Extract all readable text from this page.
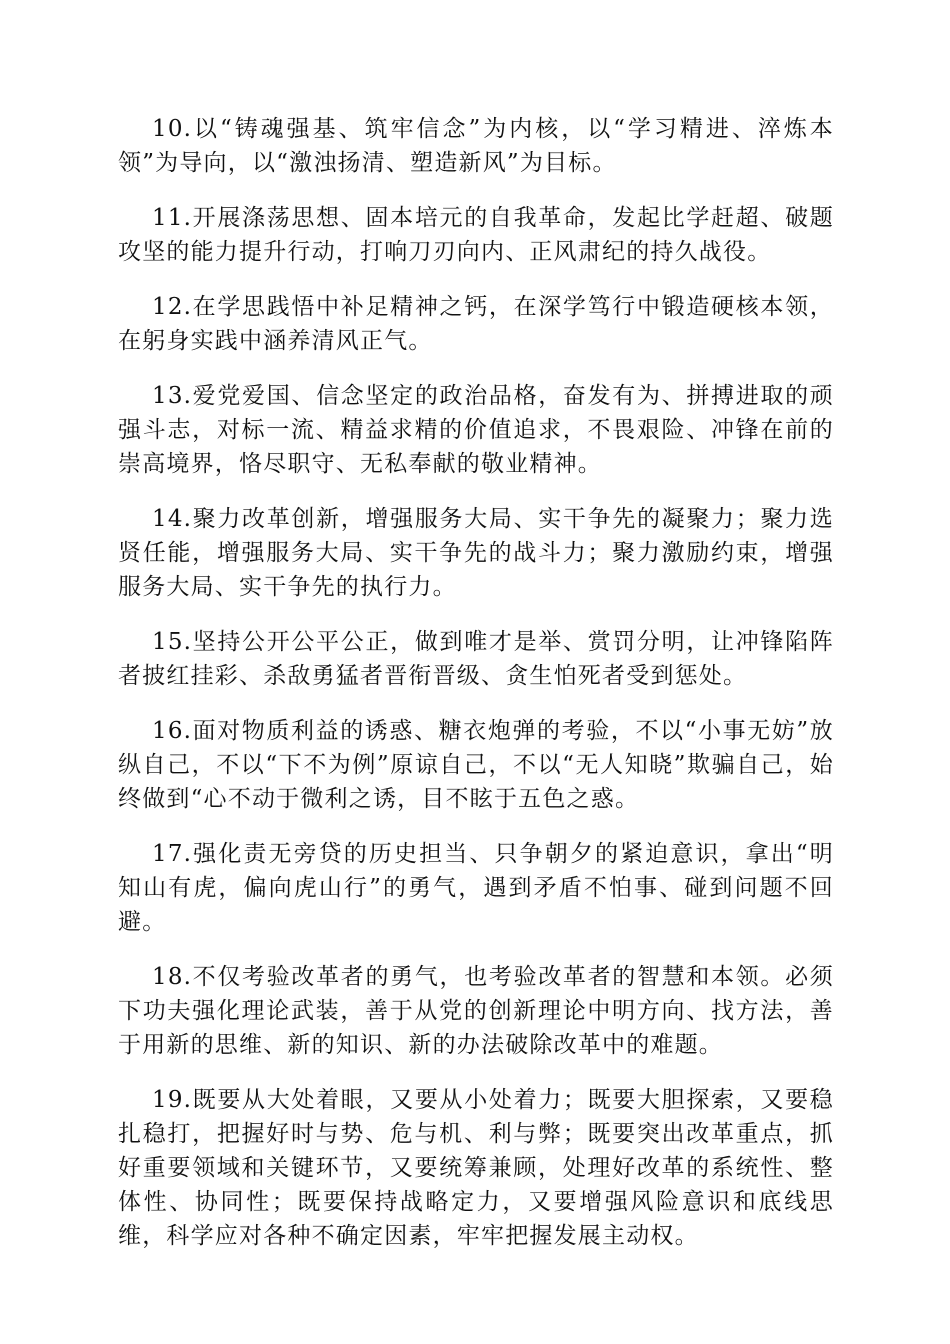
10.以“铸魂强基、筑牢信念”为内核，以“学习精进、淬炼本领”为导向，以“激浊扬清、塑造新风”为目标。

11.开展涤荡思想、固本培元的自我革命，发起比学赶超、破题攻坚的能力提升行动，打响刀刃向内、正风肃纪的持久战役。

12.在学思践悟中补足精神之钙，在深学笃行中锻造硬核本领，在躬身实践中涵养清风正气。

13.爱党爱国、信念坚定的政治品格，奋发有为、拼搏进取的顽强斗志，对标一流、精益求精的价值追求，不畏艰险、冲锋在前的崇高境界，恪尽职守、无私奉献的敬业精神。

14.聚力改革创新，增强服务大局、实干争先的凝聚力；聚力选贤任能，增强服务大局、实干争先的战斗力；聚力激励约束，增强服务大局、实干争先的执行力。

15.坚持公开公平公正，做到唯才是举、赏罚分明，让冲锋陷阵者披红挂彩、杀敌勇猛者晋衔晋级、贪生怕死者受到惩处。

16.面对物质利益的诱惑、糖衣炮弹的考验，不以“小事无妨”放纵自己，不以“下不为例”原谅自己，不以“无人知晓”欺骗自己，始终做到“心不动于微利之诱，目不眩于五色之惑。

17.强化责无旁贷的历史担当、只争朝夕的紧迫意识，拿出“明知山有虎，偏向虎山行”的勇气，遇到矛盾不怕事、碰到问题不回避。

18.不仅考验改革者的勇气，也考验改革者的智慧和本领。必须下功夫强化理论武装，善于从党的创新理论中明方向、找方法，善于用新的思维、新的知识、新的办法破除改革中的难题。

19.既要从大处着眼，又要从小处着力；既要大胆探索，又要稳扎稳打，把握好时与势、危与机、利与弊；既要突出改革重点，抓好重要领域和关键环节，又要统筹兼顾，处理好改革的系统性、整体性、协同性；既要保持战略定力，又要增强风险意识和底线思维，科学应对各种不确定因素，牢牢把握发展主动权。
